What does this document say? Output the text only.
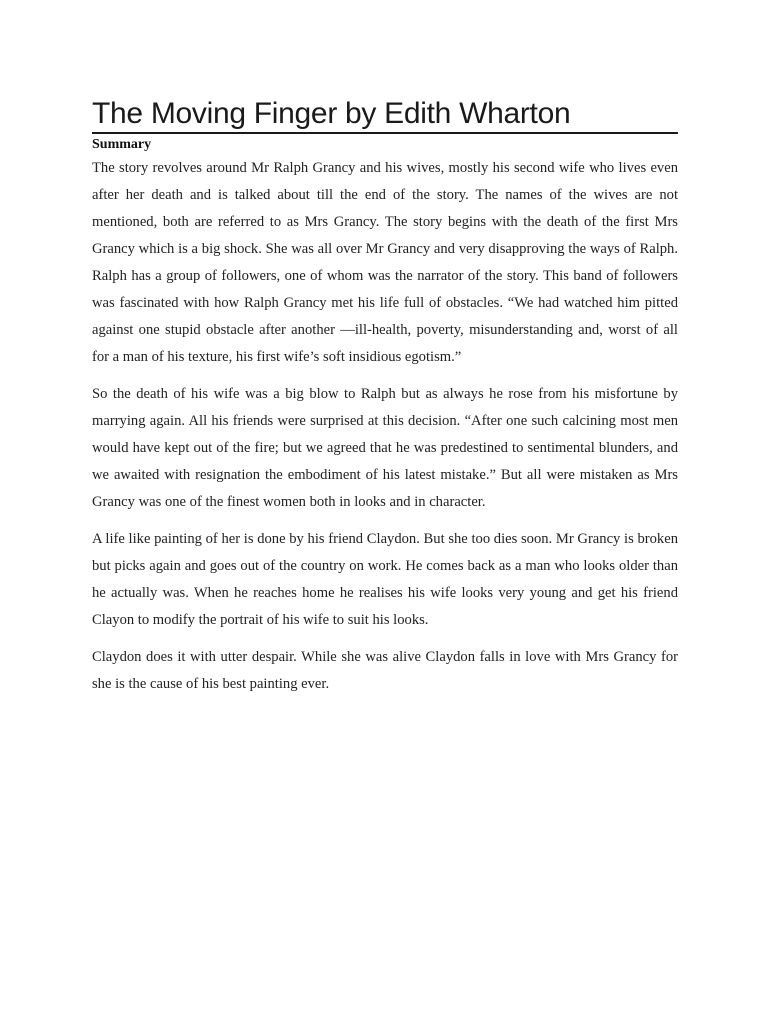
The Moving Finger by Edith Wharton
Summary

The story revolves around Mr Ralph Grancy and his wives, mostly his second wife who lives even after her death and is talked about till the end of the story. The names of the wives are not mentioned, both are referred to as Mrs Grancy. The story begins with the death of the first Mrs Grancy which is a big shock. She was all over Mr Grancy and very disapproving the ways of Ralph. Ralph has a group of followers, one of whom was the narrator of the story. This band of followers was fascinated with how Ralph Grancy met his life full of obstacles. “We had watched him pitted against one stupid obstacle after another —ill-health, poverty, misunderstanding and, worst of all for a man of his texture, his first wife’s soft insidious egotism.”

So the death of his wife was a big blow to Ralph but as always he rose from his misfortune by marrying again. All his friends were surprised at this decision. “After one such calcining most men would have kept out of the fire; but we agreed that he was predestined to sentimental blunders, and we awaited with resignation the embodiment of his latest mistake.” But all were mistaken as Mrs Grancy was one of the finest women both in looks and in character.

A life like painting of her is done by his friend Claydon. But she too dies soon. Mr Grancy is broken but picks again and goes out of the country on work. He comes back as a man who looks older than he actually was. When he reaches home he realises his wife looks very young and get his friend Clayon to modify the portrait of his wife to suit his looks.

Claydon does it with utter despair. While she was alive Claydon falls in love with Mrs Grancy for she is the cause of his best painting ever.
